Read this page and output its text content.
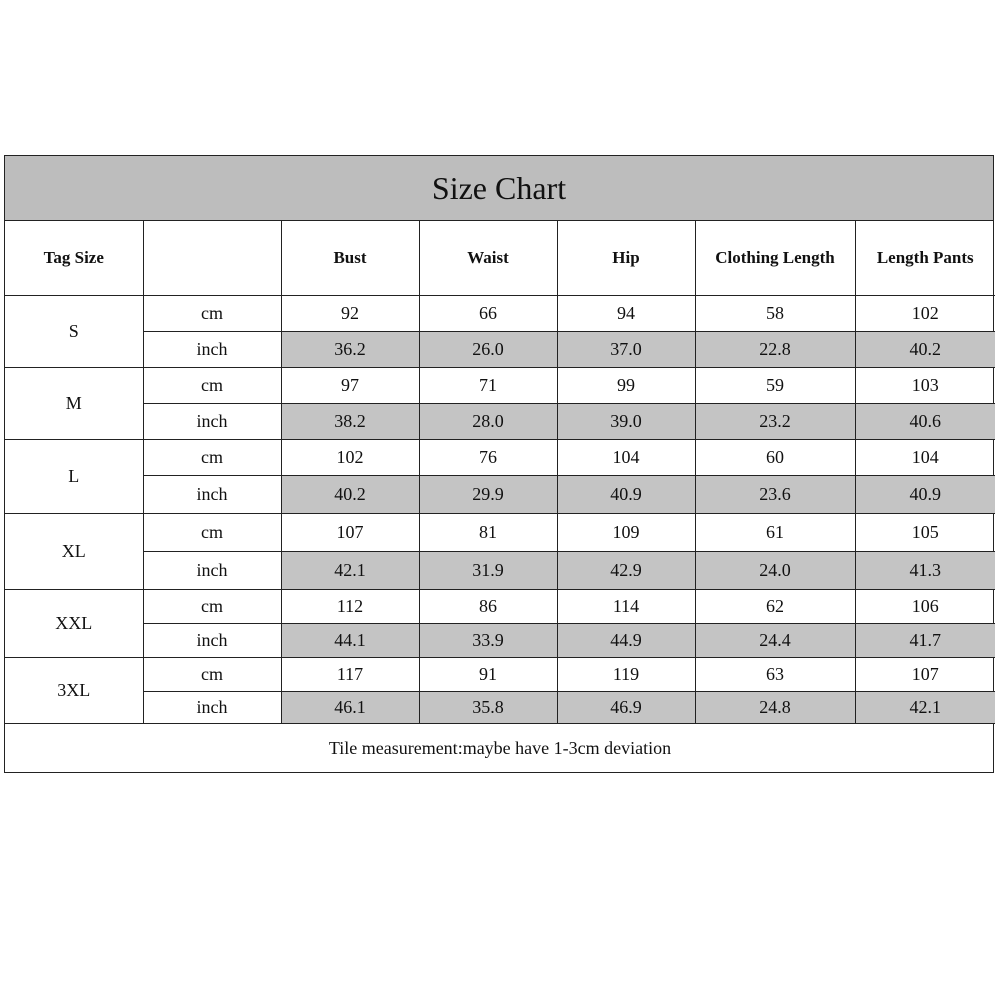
Size Chart
Tag Size		Bust	Waist	Hip	Clothing Length	Length Pants
S	cm	92	66	94	58	102
	inch	36.2	26.0	37.0	22.8	40.2
M	cm	97	71	99	59	103
	inch	38.2	28.0	39.0	23.2	40.6
L	cm	102	76	104	60	104
	inch	40.2	29.9	40.9	23.6	40.9
XL	cm	107	81	109	61	105
	inch	42.1	31.9	42.9	24.0	41.3
XXL	cm	112	86	114	62	106
	inch	44.1	33.9	44.9	24.4	41.7
3XL	cm	117	91	119	63	107
	inch	46.1	35.8	46.9	24.8	42.1
Tile measurement:maybe have 1-3cm deviation						
